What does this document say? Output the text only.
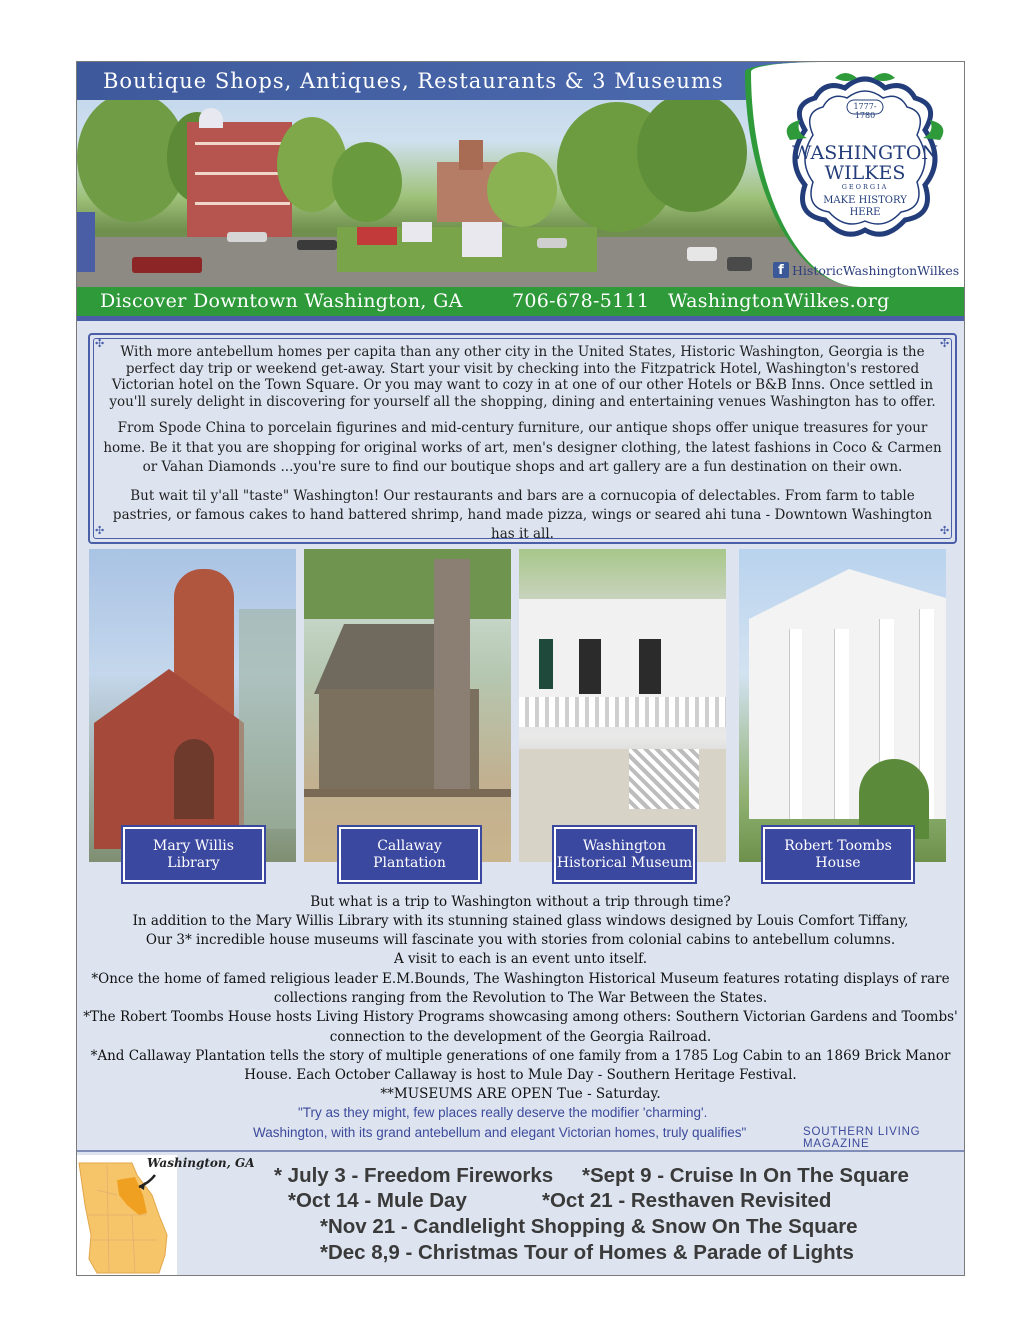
Boutique Shops, Antiques, Restaurants & 3 Museums
1777-1780
WASHINGTON
WILKES
GEORGIA
MAKE HISTORY
HERE
f HistoricWashingtonWilkes
Discover Downtown Washington, GA	706-678-5111 WashingtonWilkes.org
✣	✣
✣	✣

With more antebellum homes per capita than any other city in the United States, Historic Washington, Georgia is the perfect day trip or weekend get-away. Start your visit by checking into the Fitzpatrick Hotel, Washington's restored Victorian hotel on the Town Square. Or you may want to cozy in at one of our other Hotels or B&B Inns. Once settled in you'll surely delight in discovering for yourself all the shopping, dining and entertaining venues Washington has to offer.

From Spode China to porcelain figurines and mid-century furniture, our antique shops offer unique treasures for your home. Be it that you are shopping for original works of art, men's designer clothing, the latest fashions in Coco & Carmen or Vahan Diamonds ...you're sure to find our boutique shops and art gallery are a fun destination on their own.

But wait til y'all "taste" Washington! Our restaurants and bars are a cornucopia of delectables. From farm to table pastries, or famous cakes to hand battered shrimp, hand made pizza, wings or seared ahi tuna - Downtown Washington has it all.

Mary Willis
Library
Callaway
Plantation
Washington
Historical Museum
Robert Toombs
House
But what is a trip to Washington without a trip through time?
In addition to the Mary Willis Library with its stunning stained glass windows designed by Louis Comfort Tiffany,
Our 3* incredible house museums will fascinate you with stories from colonial cabins to antebellum columns.
A visit to each is an event unto itself.
*Once the home of famed religious leader E.M.Bounds, The Washington Historical Museum features rotating displays of rare
collections ranging from the Revolution to The War Between the States.
*The Robert Toombs House hosts Living History Programs showcasing among others: Southern Victorian Gardens and Toombs'
connection to the development of the Georgia Railroad.
*And Callaway Plantation tells the story of multiple generations of one family from a 1785 Log Cabin to an 1869 Brick Manor
House. Each October Callaway is host to Mule Day - Southern Heritage Festival.
**MUSEUMS ARE OPEN Tue - Saturday.
"Try as they might, few places really deserve the modifier 'charming'.
Washington, with its grand antebellum and elegant Victorian homes, truly qualifies"	SOUTHERN LIVING MAGAZINE
Washington, GA
* July 3 - Freedom Fireworks *Sept 9 - Cruise In On The Square
*Oct 14 - Mule Day	*Oct 21 - Resthaven Revisited
*Nov 21 - Candlelight Shopping & Snow On The Square
*Dec 8,9 - Christmas Tour of Homes & Parade of Lights
